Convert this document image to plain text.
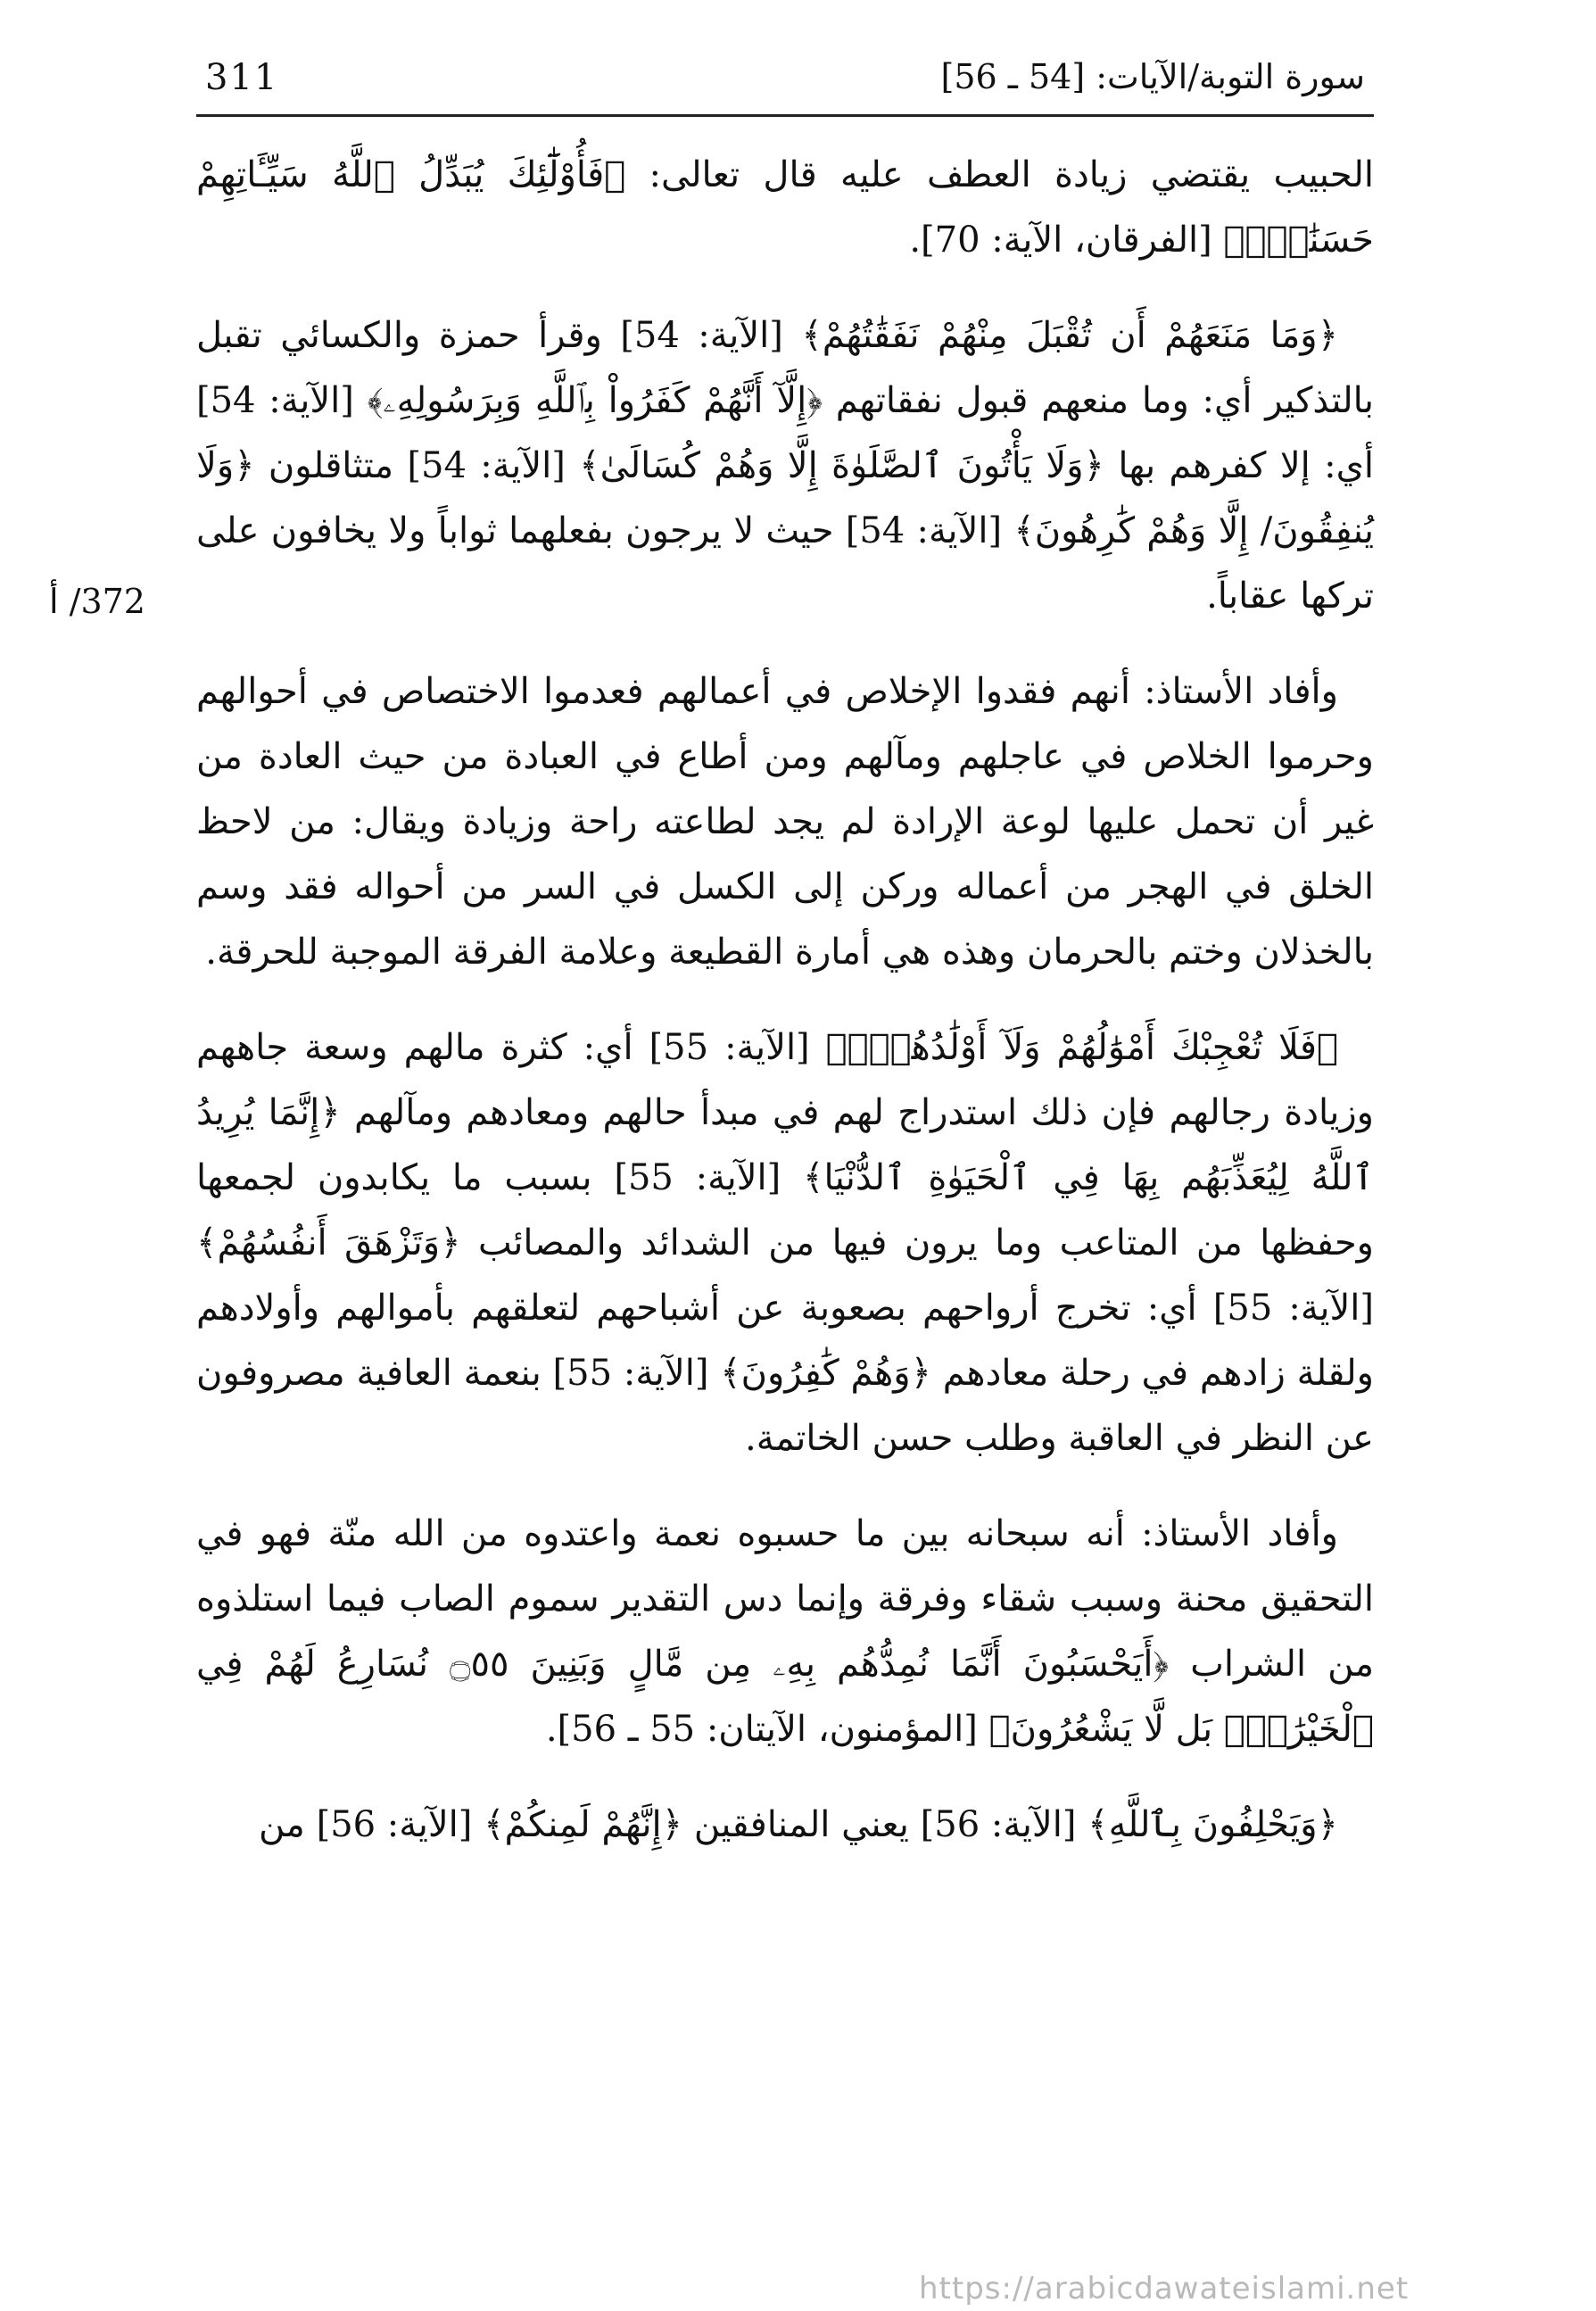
311	سورة التوبة/الآيات: [54 ـ 56]
372/ أ

الحبيب يقتضي زيادة العطف عليه قال تعالى: ﴿فَأُوْلَٰٓئِكَ يُبَدِّلُ ٱللَّهُ سَيِّـَٔاتِهِمْ حَسَنَٰتٍۗ﴾ [الفرقان، الآية: 70].

﴿وَمَا مَنَعَهُمْ أَن تُقْبَلَ مِنْهُمْ نَفَقَٰتُهُمْ﴾ [الآية: 54] وقرأ حمزة والكسائي تقبل بالتذكير أي: وما منعهم قبول نفقاتهم ﴿إِلَّآ أَنَّهُمْ كَفَرُواْ بِٱللَّهِ وَبِرَسُولِهِۦ﴾ [الآية: 54] أي: إلا كفرهم بها ﴿وَلَا يَأْتُونَ ٱلصَّلَوٰةَ إِلَّا وَهُمْ كُسَالَىٰ﴾ [الآية: 54] متثاقلون ﴿وَلَا يُنفِقُونَ/ إِلَّا وَهُمْ كَٰرِهُونَ﴾ [الآية: 54] حيث لا يرجون بفعلهما ثواباً ولا يخافون على تركها عقاباً.

وأفاد الأستاذ: أنهم فقدوا الإخلاص في أعمالهم فعدموا الاختصاص في أحوالهم وحرموا الخلاص في عاجلهم ومآلهم ومن أطاع في العبادة من حيث العادة من غير أن تحمل عليها لوعة الإرادة لم يجد لطاعته راحة وزيادة ويقال: من لاحظ الخلق في الهجر من أعماله وركن إلى الكسل في السر من أحواله فقد وسم بالخذلان وختم بالحرمان وهذه هي أمارة القطيعة وعلامة الفرقة الموجبة للحرقة.

﴿فَلَا تُعْجِبْكَ أَمْوَٰلُهُمْ وَلَآ أَوْلَٰدُهُمْۚ﴾ [الآية: 55] أي: كثرة مالهم وسعة جاههم وزيادة رجالهم فإن ذلك استدراج لهم في مبدأ حالهم ومعادهم ومآلهم ﴿إِنَّمَا يُرِيدُ ٱللَّهُ لِيُعَذِّبَهُم بِهَا فِي ٱلْحَيَوٰةِ ٱلدُّنْيَا﴾ [الآية: 55] بسبب ما يكابدون لجمعها وحفظها من المتاعب وما يرون فيها من الشدائد والمصائب ﴿وَتَزْهَقَ أَنفُسُهُمْ﴾ [الآية: 55] أي: تخرج أرواحهم بصعوبة عن أشباحهم لتعلقهم بأموالهم وأولادهم ولقلة زادهم في رحلة معادهم ﴿وَهُمْ كَٰفِرُونَ﴾ [الآية: 55] بنعمة العافية مصروفون عن النظر في العاقبة وطلب حسن الخاتمة.

وأفاد الأستاذ: أنه سبحانه بين ما حسبوه نعمة واعتدوه من الله منّة فهو في التحقيق محنة وسبب شقاء وفرقة وإنما دس التقدير سموم الصاب فيما استلذوه من الشراب ﴿أَيَحْسَبُونَ أَنَّمَا نُمِدُّهُم بِهِۦ مِن مَّالٍ وَبَنِينَ ۝٥٥ نُسَارِعُ لَهُمْ فِي ٱلْخَيْرَٰتِۚ بَل لَّا يَشْعُرُونَ﴾ [المؤمنون، الآيتان: 55 ـ 56].

﴿وَيَحْلِفُونَ بِٱللَّهِ﴾ [الآية: 56] يعني المنافقين ﴿إِنَّهُمْ لَمِنكُمْ﴾ [الآية: 56] من

https://arabicdawateislami.net
